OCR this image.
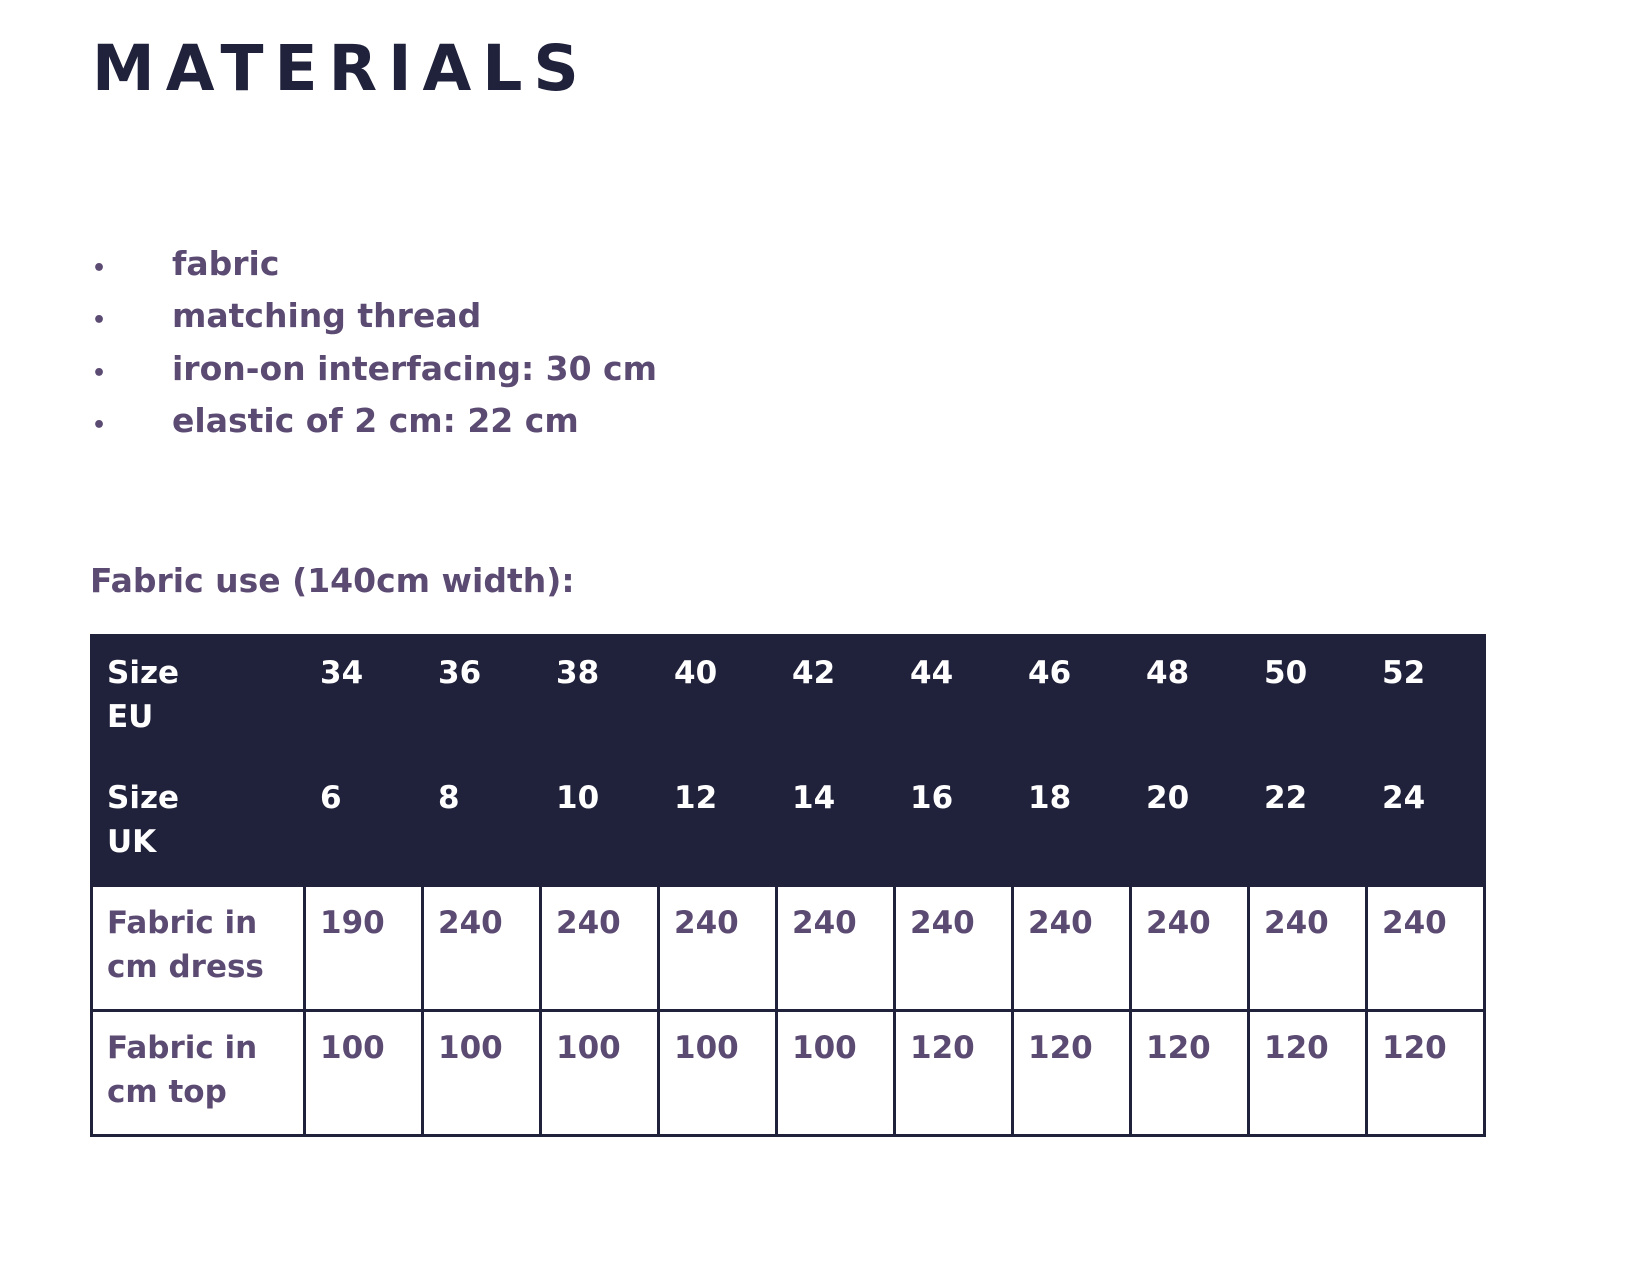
MATERIALS
•	fabric
•	matching thread
•	iron-on interfacing: 30 cm
•	elastic of 2 cm: 22 cm
Fabric use (140cm width):
Size
EU	34	36	38	40	42	44	46	48	50	52

Size
UK	6	8	10	12	14	16	18	20	22	24

Fabric in
cm dress	190	240	240	240	240	240	240	240	240	240

Fabric in
cm top	100	100	100	100	100	120	120	120	120	120
